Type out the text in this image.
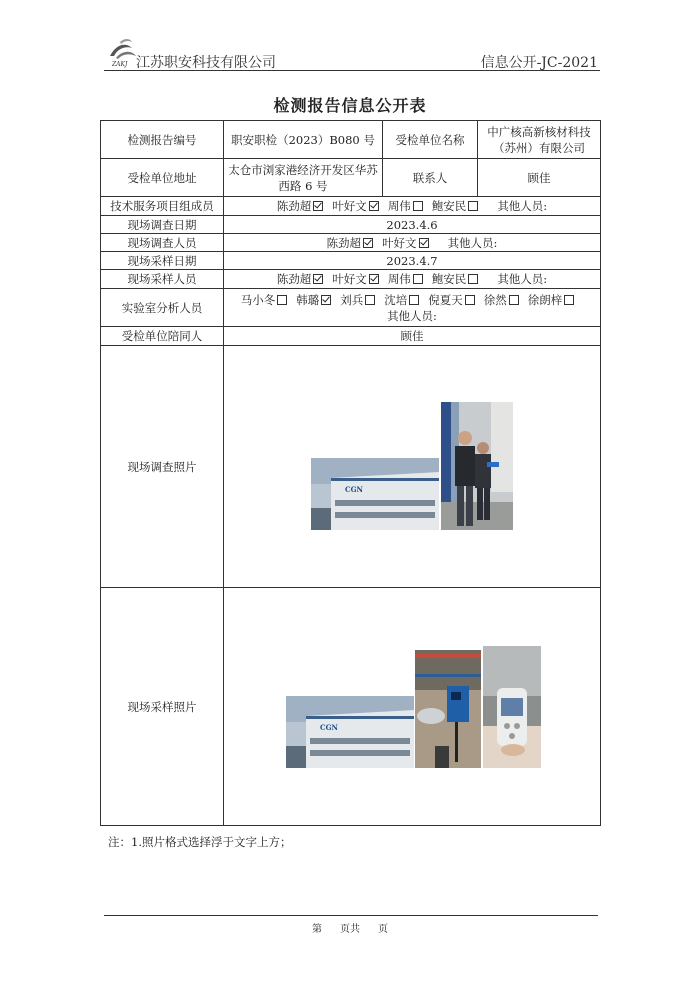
ZAKJ 江苏职安科技有限公司	信息公开-JC-2021
检测报告信息公开表
检测报告编号	职安职检（2023）B080 号	受检单位名称	中广核高新核材科技（苏州）有限公司
受检单位地址	太仓市浏家港经济开发区华苏西路 6 号	联系人	顾佳
技术服务项目组成员	陈劲超 叶好文 周伟 鲍安民 其他人员:		
现场调查日期	2023.4.6		
现场调查人员	陈劲超 叶好文 其他人员:		
现场采样日期	2023.4.7		
现场采样人员	陈劲超 叶好文 周伟 鲍安民 其他人员:		
实验室分析人员	马小冬 韩璐 刘兵 沈培 倪夏天 徐然 徐朗梓
其他人员:		
受检单位陪同人	顾佳		
现场调查照片	CGN		

现场采样照片	CGN		
注：1.照片格式选择浮于文字上方；
第 页共 页
